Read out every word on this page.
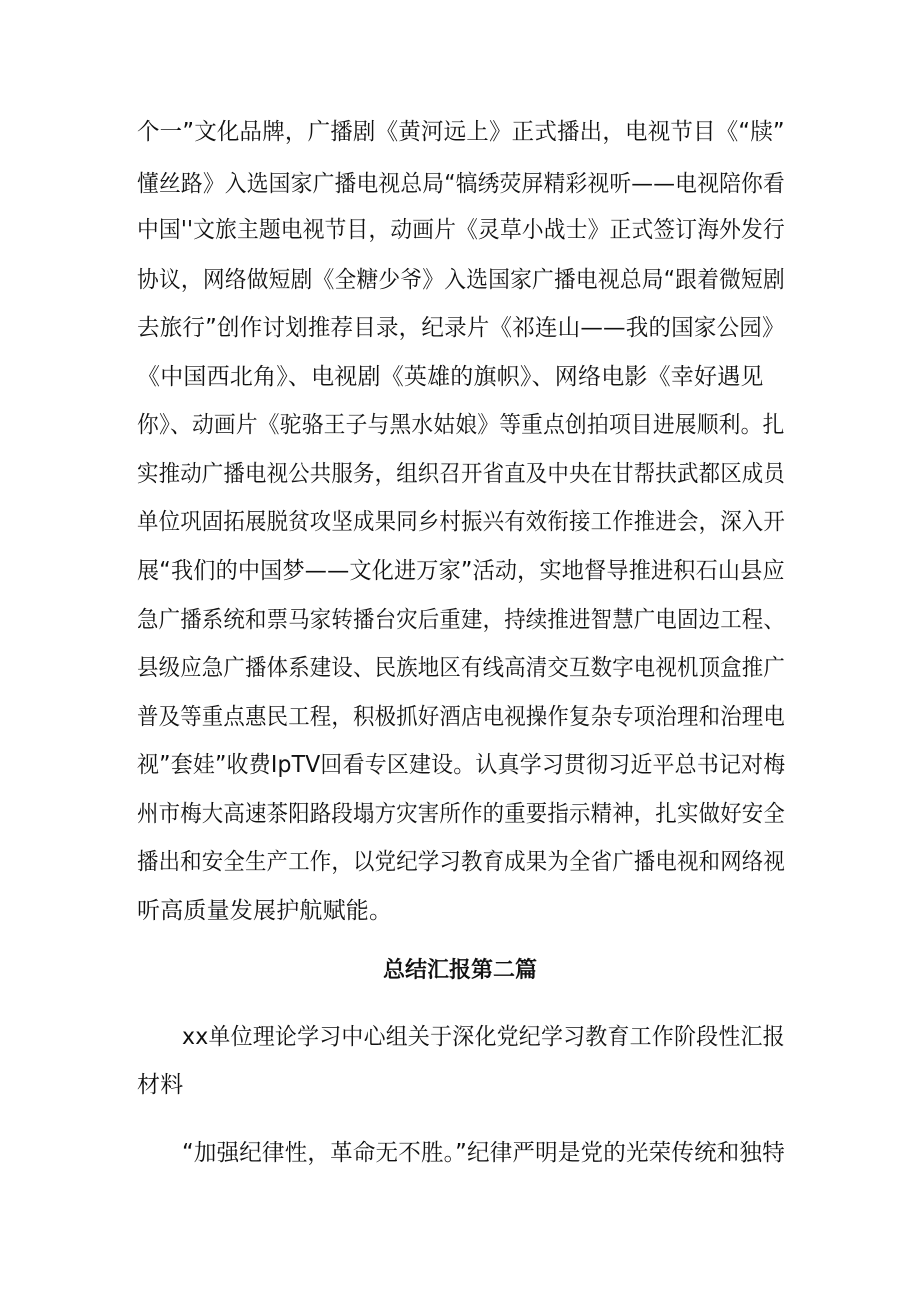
个一”文化品牌，广播剧《黄河远上》正式播出，电视节目《“牍”
懂丝路》入选国家广播电视总局“犒绣荧屏精彩视听——电视陪你看
中国''文旅主题电视节目，动画片《灵草小战士》正式签订海外发行
协议，网络做短剧《全糖少爷》入选国家广播电视总局“跟着微短剧
去旅行”创作讨划推荐目录，纪录片《祁连山——我的国家公园》
《中国西北角》、电视剧《英雄的旗帜》、网络电影《幸好遇见
你》、动画片《驼骆王子与黑水姑娘》等重点创拍项目进展顺利。扎
实推动广播电视公共服务，组织召开省直及中央在甘帮扶武都区成员
单位巩固拓展脱贫攻坚成果同乡村振兴有效衔接工作推进会，深入开
展“我们的中国梦——文化进万家”活动，实地督导推进积石山县应
急广播系统和票马家转播台灾后重建，持续推进智慧广电固边工程、
县级应急广播体系建设、民族地区有线高清交互数字电视机顶盒推广
普及等重点惠民工程，积极抓好酒店电视操作复杂专项治理和治理电
视”套娃”收费IpTV回看专区建设。认真学习贯彻习近平总书记对梅
州市梅大高速茶阳路段塌方灾害所作的重要指示精神，扎实做好安全
播出和安全生产工作，以党纪学习教育成果为全省广播电视和网络视
听高质量发展护航赋能。
总结汇报第二篇
xx单位理论学习中心组关于深化党纪学习教育工作阶段性汇报
材料
“加强纪律性，革命无不胜。”纪律严明是党的光荣传统和独特
